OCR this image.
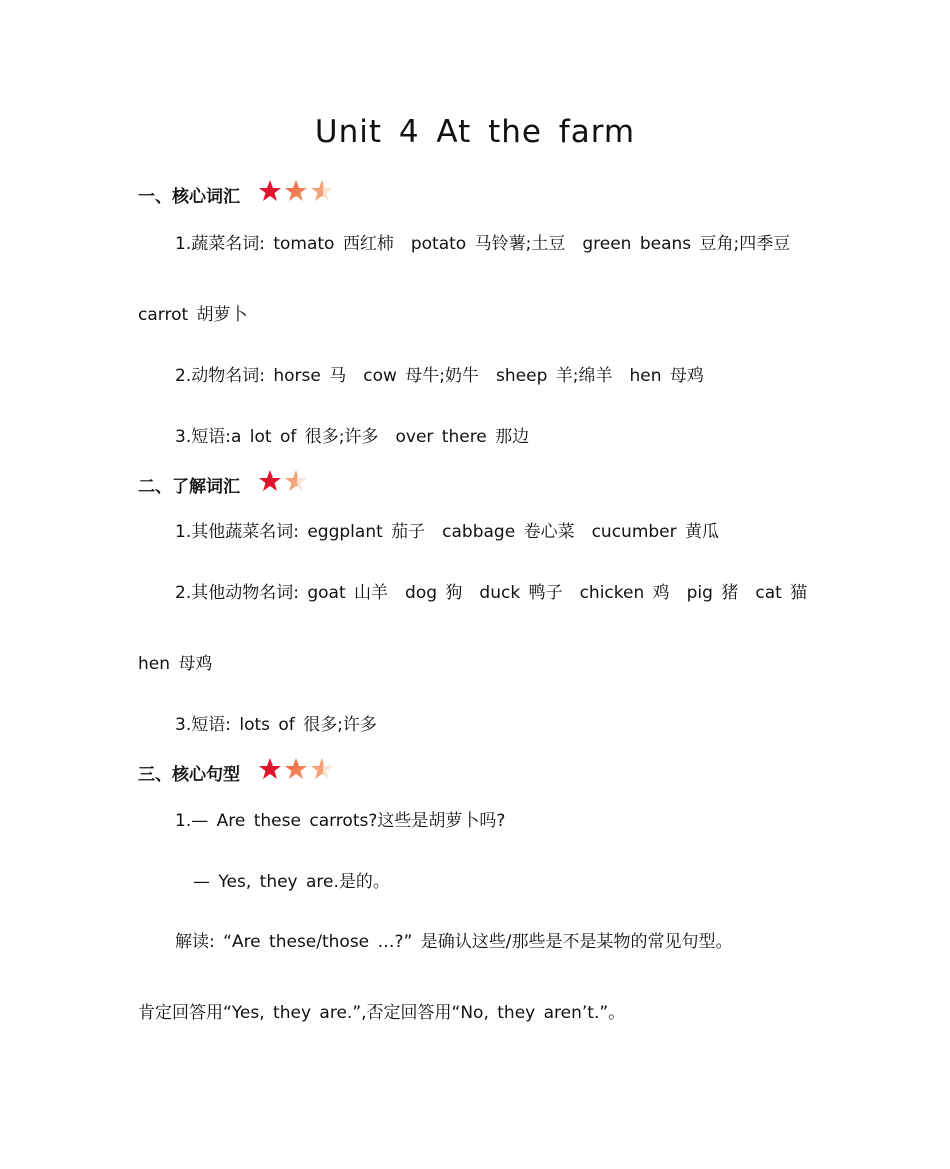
Unit 4 At the farm
一、核心词汇
1.蔬菜名词: tomato 西红柿　potato 马铃薯;土豆　green beans 豆角;四季豆
carrot 胡萝卜
2.动物名词: horse 马　cow 母牛;奶牛　sheep 羊;绵羊　hen 母鸡
3.短语:a lot of 很多;许多　over there 那边
二、了解词汇
1.其他蔬菜名词: eggplant 茄子　cabbage 卷心菜　cucumber 黄瓜
2.其他动物名词: goat 山羊　dog 狗　duck 鸭子　chicken 鸡　pig 猪　cat 猫
hen 母鸡
3.短语: lots of 很多;许多
三、核心句型
1.— Are these carrots?这些是胡萝卜吗?
— Yes, they are.是的。
解读: “Are these/those …?” 是确认这些/那些是不是某物的常见句型。
肯定回答用“Yes, they are.”,否定回答用“No, they aren’t.”。
